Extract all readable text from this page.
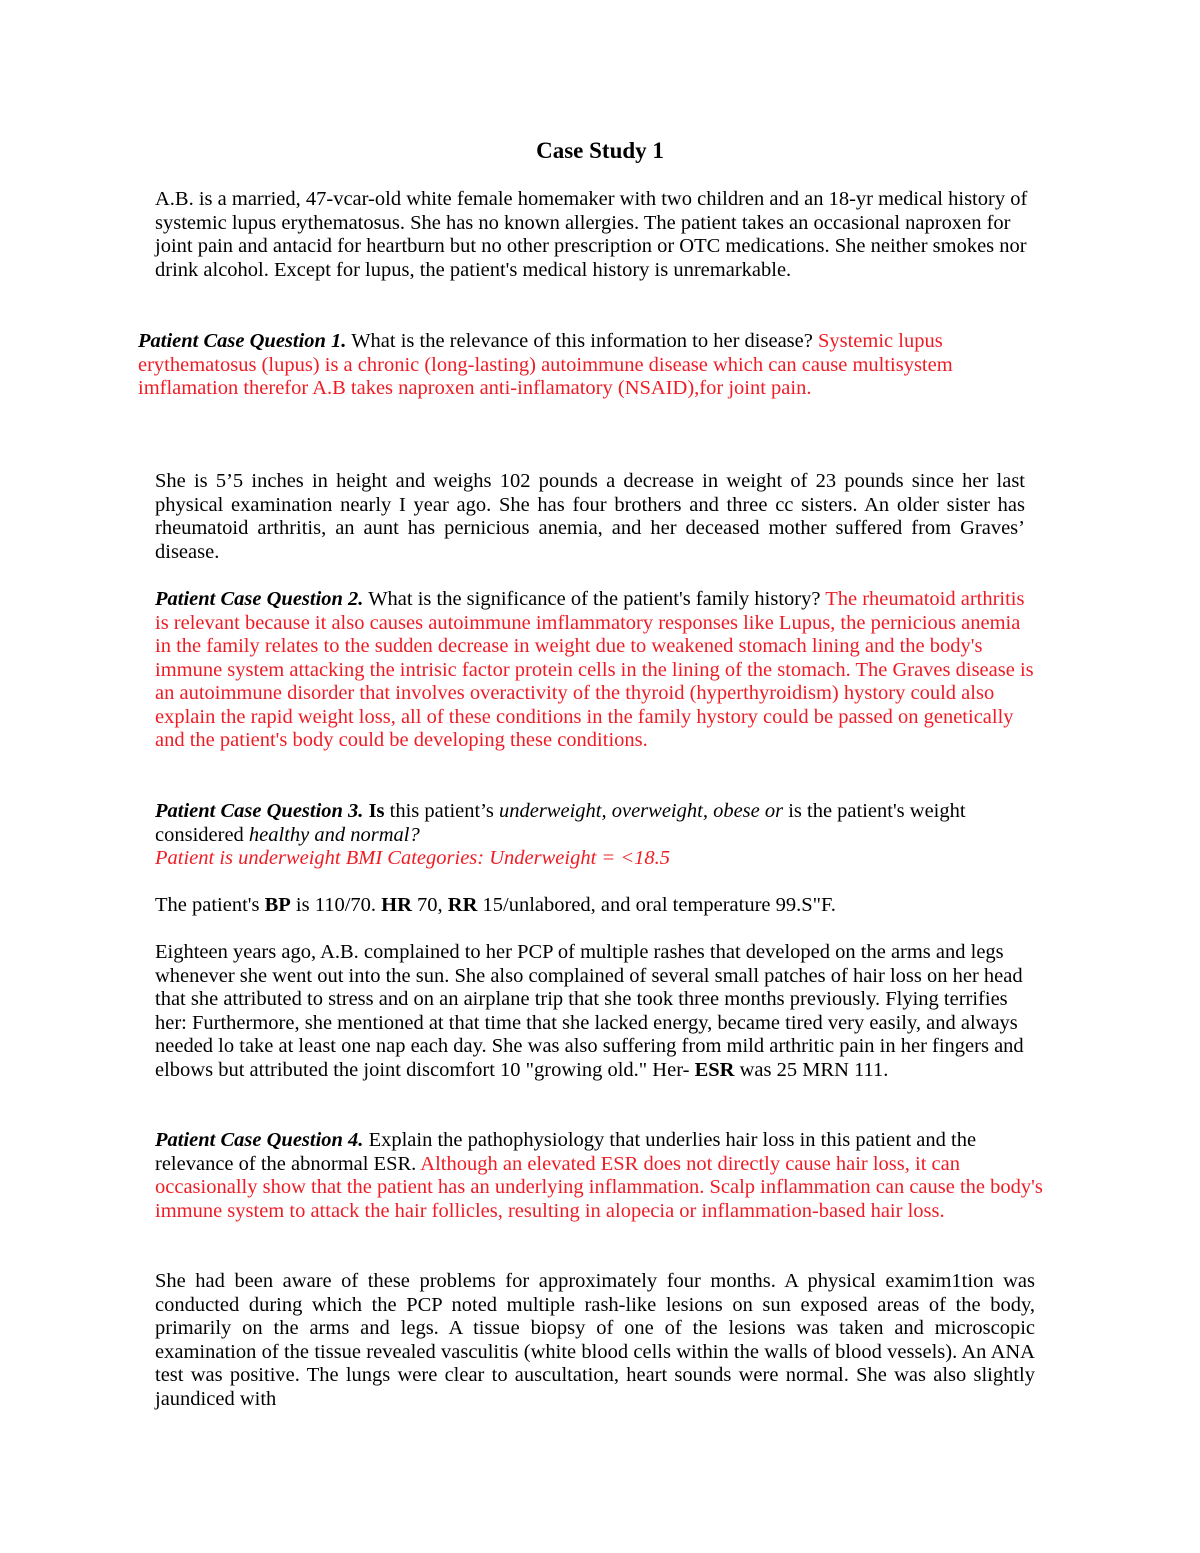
Case Study 1

A.B. is a married, 47-vcar-old white female homemaker with two children and an 18-yr medical history of systemic lupus erythematosus. She has no known allergies. The patient takes an occasional naproxen for joint pain and antacid for heartburn but no other prescription or OTC medications. She neither smokes nor drink alcohol. Except for lupus, the patient's medical history is unremarkable.

Patient Case Question 1. What is the relevance of this information to her disease? Systemic lupus erythematosus (lupus) is a chronic (long-lasting) autoimmune disease which can cause multisystem imflamation therefor A.B takes naproxen anti-inflamatory (NSAID),for joint pain.

She is 5’5 inches in height and weighs 102 pounds a decrease in weight of 23 pounds since her last physical examination nearly I year ago. She has four brothers and three cc sisters. An older sister has rheumatoid arthritis, an aunt has pernicious anemia, and her deceased mother suffered from Graves’ disease.

Patient Case Question 2. What is the significance of the patient's family history? The rheumatoid arthritis is relevant because it also causes autoimmune imflammatory responses like Lupus, the pernicious anemia in the family relates to the sudden decrease in weight due to weakened stomach lining and the body's immune system attacking the intrisic factor protein cells in the lining of the stomach. The Graves disease is an autoimmune disorder that involves overactivity of the thyroid (hyperthyroidism) hystory could also explain the rapid weight loss, all of these conditions in the family hystory could be passed on genetically and the patient's body could be developing these conditions.

Patient Case Question 3. Is this patient’s underweight, overweight, obese or is the patient's weight considered healthy and normal?
Patient is underweight BMI Categories: Underweight = <18.5

The patient's BP is 110/70. HR 70, RR 15/unlabored, and oral temperature 99.S"F.

Eighteen years ago, A.B. complained to her PCP of multiple rashes that developed on the arms and legs whenever she went out into the sun. She also complained of several small patches of hair loss on her head that she attributed to stress and on an airplane trip that she took three months previously. Flying terrifies her: Furthermore, she mentioned at that time that she lacked energy, became tired very easily, and always needed lo take at least one nap each day. She was also suffering from mild arthritic pain in her fingers and elbows but attributed the joint discomfort 10 "growing old." Her- ESR was 25 MRN 111.

Patient Case Question 4. Explain the pathophysiology that underlies hair loss in this patient and the relevance of the abnormal ESR. Although an elevated ESR does not directly cause hair loss, it can occasionally show that the patient has an underlying inflammation. Scalp inflammation can cause the body's immune system to attack the hair follicles, resulting in alopecia or inflammation-based hair loss.

She had been aware of these problems for approximately four months. A physical examim1tion was conducted during which the PCP noted multiple rash-like lesions on sun exposed areas of the body, primarily on the arms and legs. A tissue biopsy of one of the lesions was taken and microscopic examination of the tissue revealed vasculitis (white blood cells within the walls of blood vessels). An ANA test was positive. The lungs were clear to auscultation, heart sounds were normal. She was also slightly jaundiced with
